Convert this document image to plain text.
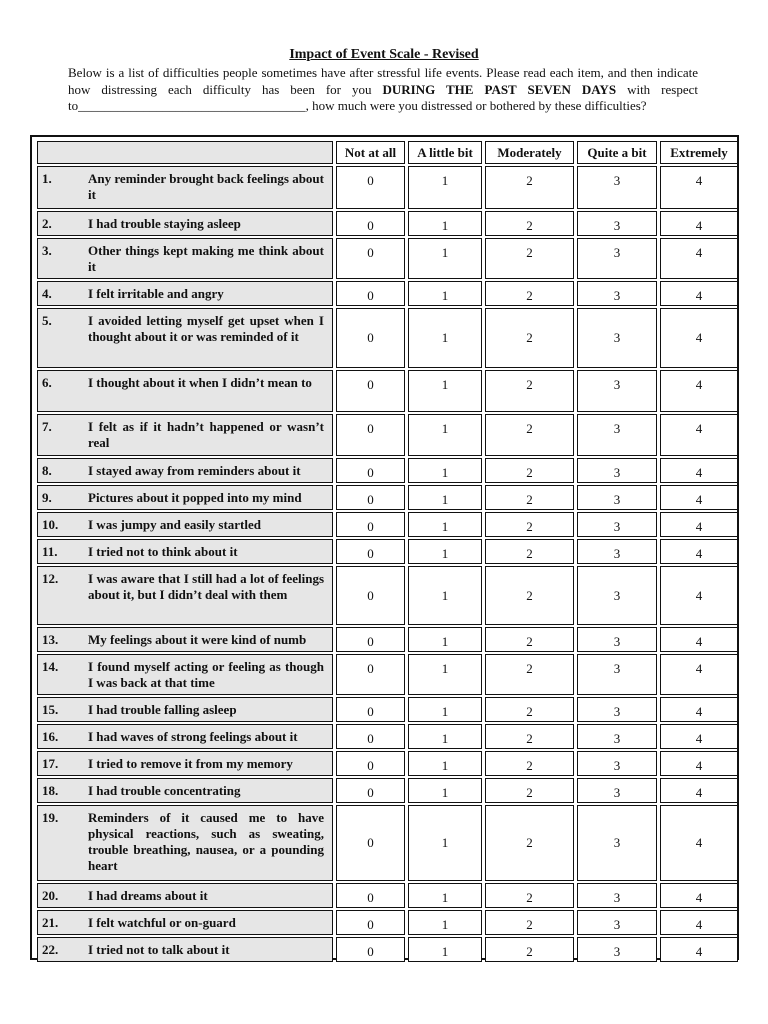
Impact of Event Scale - Revised
Below is a list of difficulties people sometimes have after stressful life events. Please read each item, and then indicate how distressing each difficulty has been for you DURING THE PAST SEVEN DAYS with respect to___________________________________, how much were you distressed or bothered by these difficulties?
	Not at all	A little bit	Moderately	Quite a bit	Extremely

1. Any reminder brought back feelings about it	0	1	2	3	4

2. I had trouble staying asleep	0	1	2	3	4

3. Other things kept making me think about it	0	1	2	3	4

4. I felt irritable and angry	0	1	2	3	4

5. I avoided letting myself get upset when I thought about it or was reminded of it	0	1	2	3	4

6. I thought about it when I didn’t mean to	0	1	2	3	4

7. I felt as if it hadn’t happened or wasn’t real	0	1	2	3	4

8. I stayed away from reminders about it	0	1	2	3	4

9. Pictures about it popped into my mind	0	1	2	3	4

10. I was jumpy and easily startled	0	1	2	3	4

11. I tried not to think about it	0	1	2	3	4

12. I was aware that I still had a lot of feelings about it, but I didn’t deal with them	0	1	2	3	4

13. My feelings about it were kind of numb	0	1	2	3	4

14. I found myself acting or feeling as though I was back at that time	0	1	2	3	4

15. I had trouble falling asleep	0	1	2	3	4

16. I had waves of strong feelings about it	0	1	2	3	4

17. I tried to remove it from my memory	0	1	2	3	4

18. I had trouble concentrating	0	1	2	3	4

19. Reminders of it caused me to have physical reactions, such as sweating, trouble breathing, nausea, or a pounding heart	0	1	2	3	4

20. I had dreams about it	0	1	2	3	4

21. I felt watchful or on-guard	0	1	2	3	4

22. I tried not to talk about it	0	1	2	3	4
